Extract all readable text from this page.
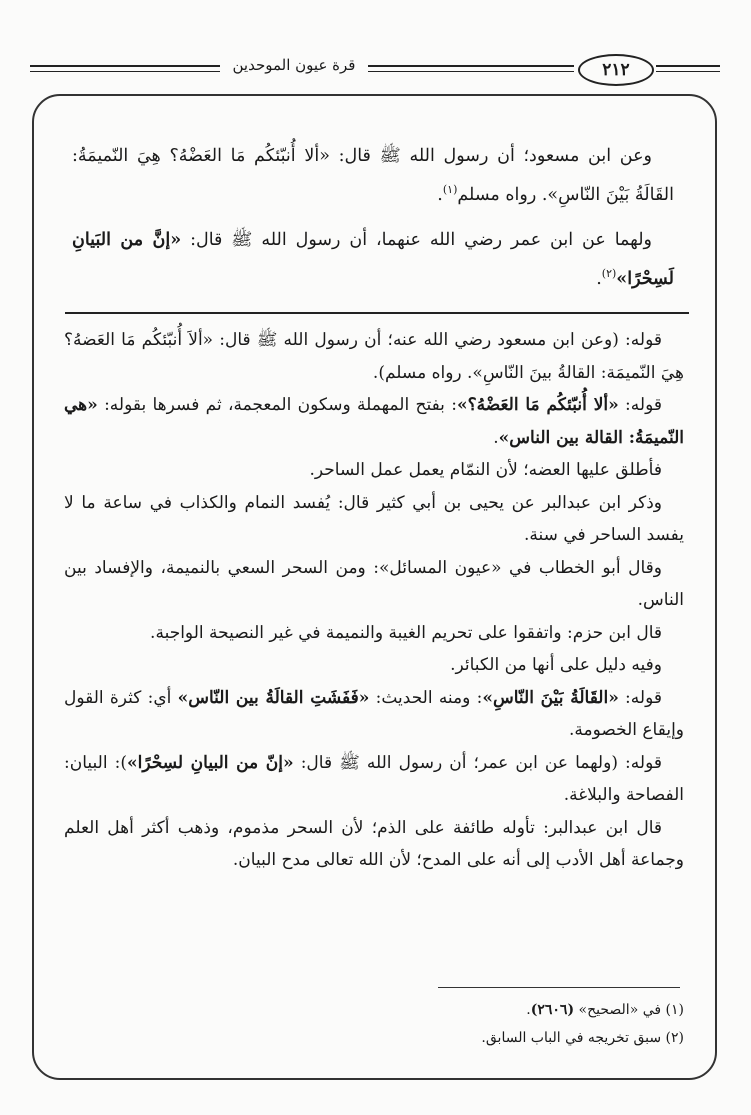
قرة عيون الموحدين	٢١٢

وعن ابن مسعود؛ أن رسول الله ﷺ قال: «ألا أُنبّئكُم مَا العَضْهُ؟ هِيَ النّميمَةُ: القَالَةُ بَيْنَ النّاسِ». رواه مسلم$^{(١)}$.

ولهما عن ابن عمر رضي الله عنهما، أن رسول الله ﷺ قال: «إنَّ من البَيانِ لَسِحْرًا»$^{(٢)}$.

قوله: (وعن ابن مسعود رضي الله عنه؛ أن رسول الله ﷺ قال: «ألاَ أُنبّئكُم مَا العَضهُ؟ هِيَ النّميمَة: القالةُ بينَ النّاسِ». رواه مسلم).

قوله: «ألا أُنبّئكُم مَا العَضْهُ؟»: بفتح المهملة وسكون المعجمة، ثم فسرها بقوله: «هي النّميمَةُ: القالة بين الناس».

فأطلق عليها العضه؛ لأن النمّام يعمل عمل الساحر.

وذكر ابن عبدالبر عن يحيى بن أبي كثير قال: يُفسد النمام والكذاب في ساعة ما لا يفسد الساحر في سنة.

وقال أبو الخطاب في «عيون المسائل»: ومن السحر السعي بالنميمة، والإفساد بين الناس.

قال ابن حزم: واتفقوا على تحريم الغيبة والنميمة في غير النصيحة الواجبة.

وفيه دليل على أنها من الكبائر.

قوله: «القَالَةُ بَيْنَ النّاسِ»: ومنه الحديث: «فَفَشَتِ القالَةُ بين النّاس» أي: كثرة القول وإيقاع الخصومة.

قوله: (ولهما عن ابن عمر؛ أن رسول الله ﷺ قال: «إنّ من البيانِ لسِحْرًا»): البيان: الفصاحة والبلاغة.

قال ابن عبدالبر: تأوله طائفة على الذم؛ لأن السحر مذموم، وذهب أكثر أهل العلم وجماعة أهل الأدب إلى أنه على المدح؛ لأن الله تعالى مدح البيان.

(١) في «الصحيح» (٢٦٠٦).
(٢) سبق تخريجه في الباب السابق.
